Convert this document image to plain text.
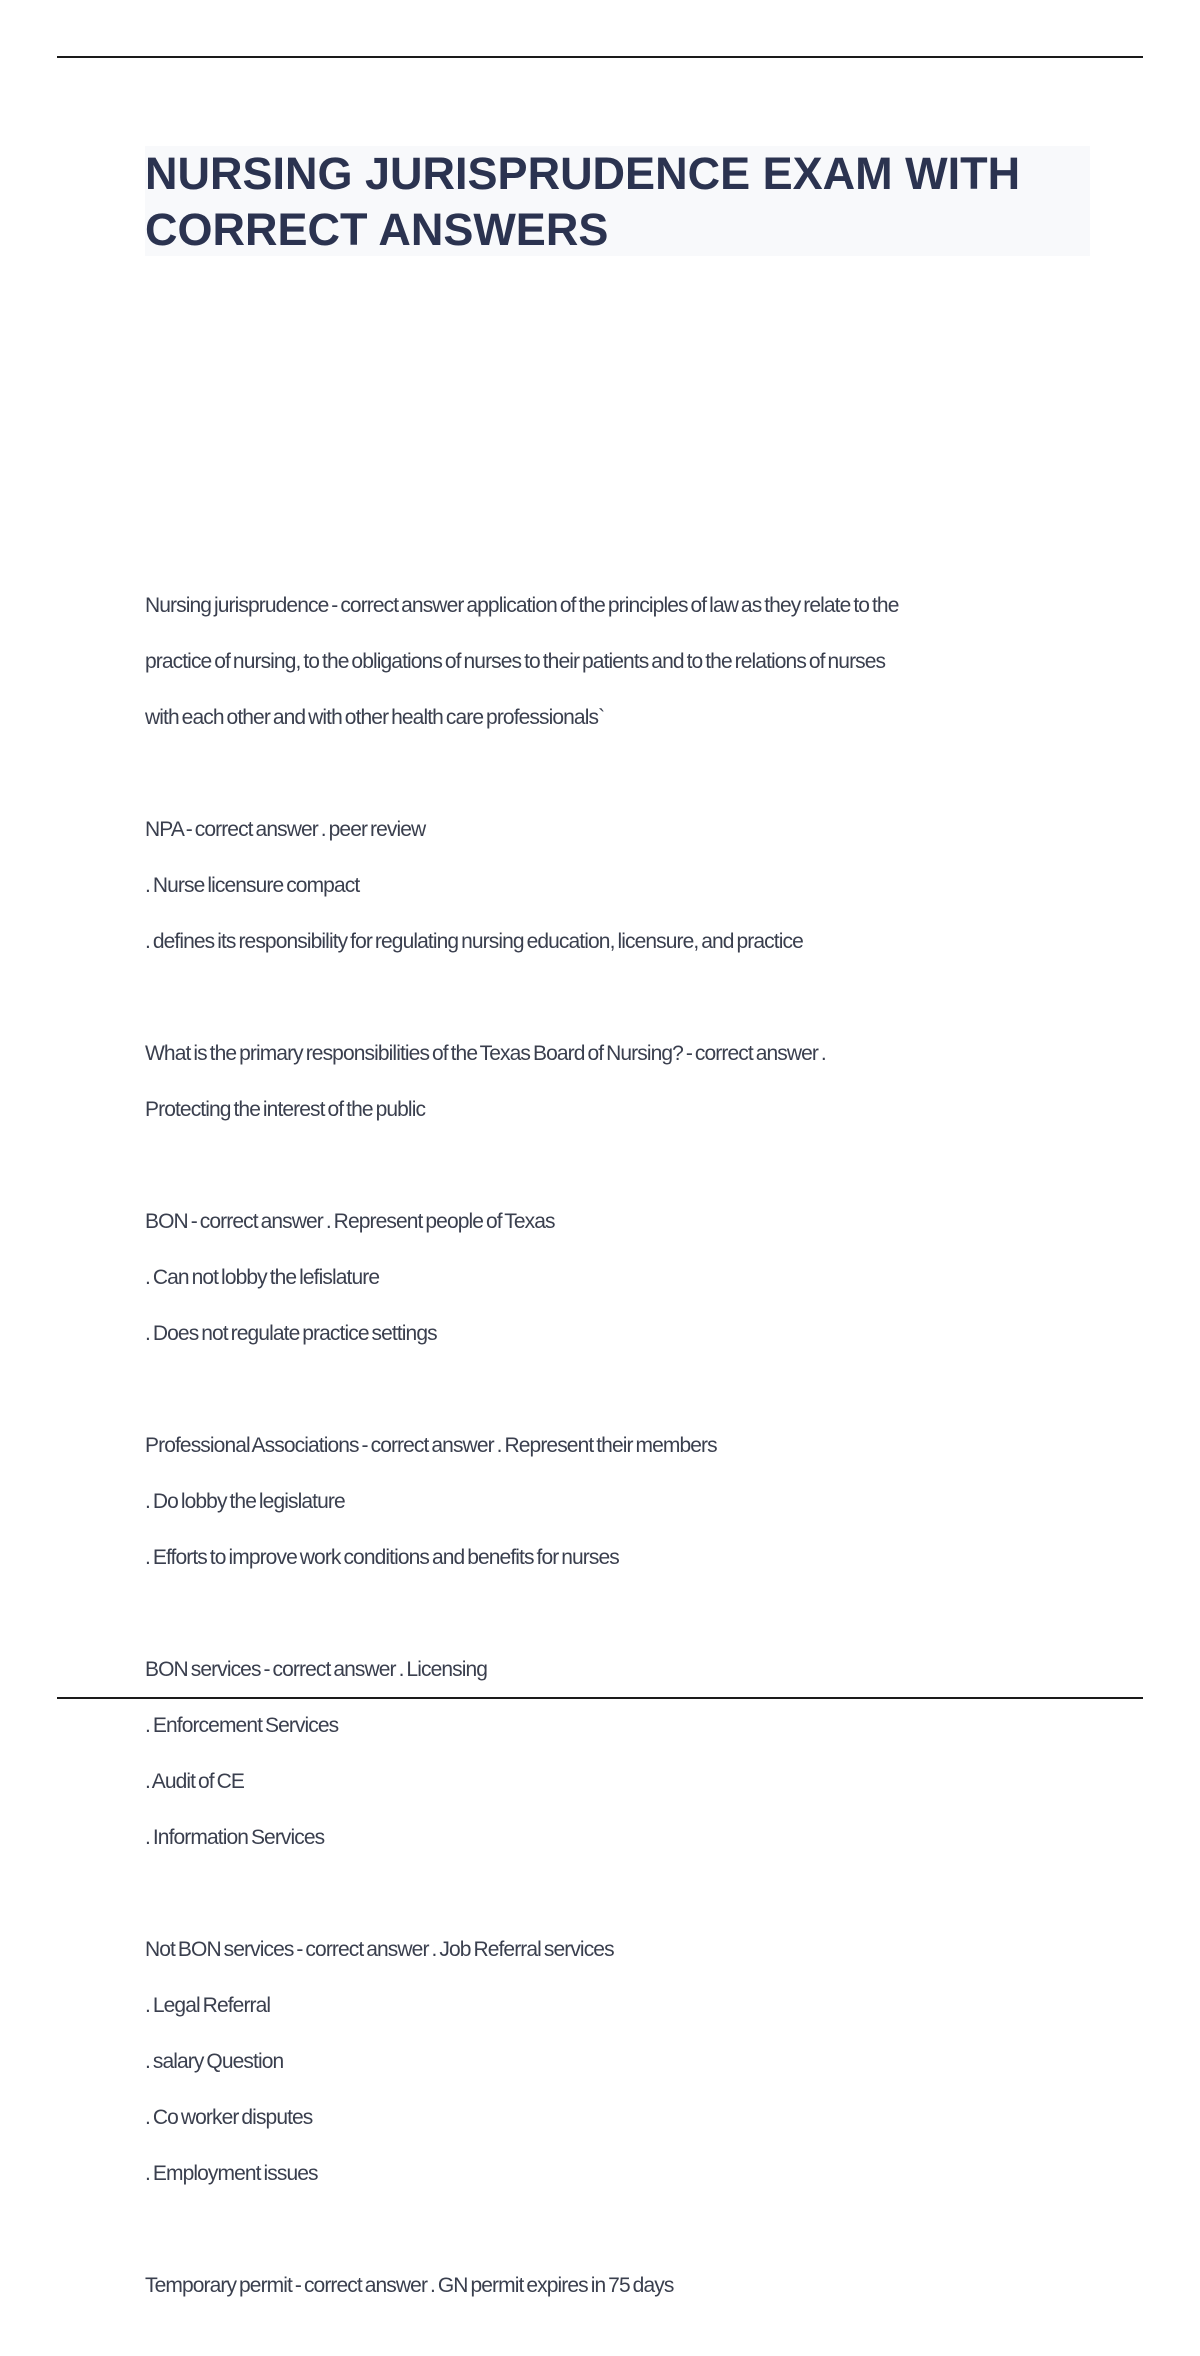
NURSING JURISPRUDENCE EXAM WITH CORRECT ANSWERS

Nursing jurisprudence - correct answer application of the principles of law as they relate to the

practice of nursing, to the obligations of nurses to their patients and to the relations of nurses

with each other and with other health care professionals`

NPA - correct answer . peer review

. Nurse licensure compact

. defines its responsibility for regulating nursing education, licensure, and practice

What is the primary responsibilities of the Texas Board of Nursing? - correct answer .

Protecting the interest of the public

BON - correct answer . Represent people of Texas

. Can not lobby the lefislature

. Does not regulate practice settings

Professional Associations - correct answer . Represent their members

. Do lobby the legislature

. Efforts to improve work conditions and benefits for nurses

BON services - correct answer . Licensing

. Enforcement Services

. Audit of CE

. Information Services

Not BON services - correct answer . Job Referral services

. Legal Referral

. salary Question

. Co worker disputes

. Employment issues

Temporary permit - correct answer . GN permit expires in 75 days
